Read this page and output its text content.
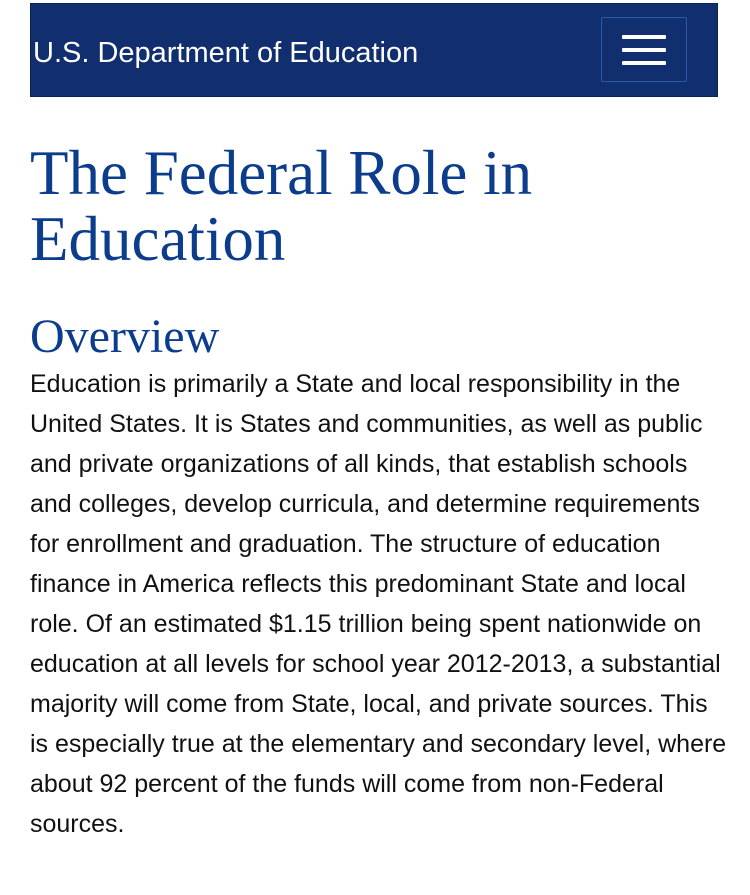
U.S. Department of Education
The Federal Role in Education
Overview

Education is primarily a State and local responsibility in the United States. It is States and communities, as well as public and private organizations of all kinds, that establish schools and colleges, develop curricula, and determine requirements for enrollment and graduation. The structure of education finance in America reflects this predominant State and local role. Of an estimated $1.15 trillion being spent nationwide on education at all levels for school year 2012-2013, a substantial majority will come from State, local, and private sources. This is especially true at the elementary and secondary level, where about 92 percent of the funds will come from non-Federal sources.
